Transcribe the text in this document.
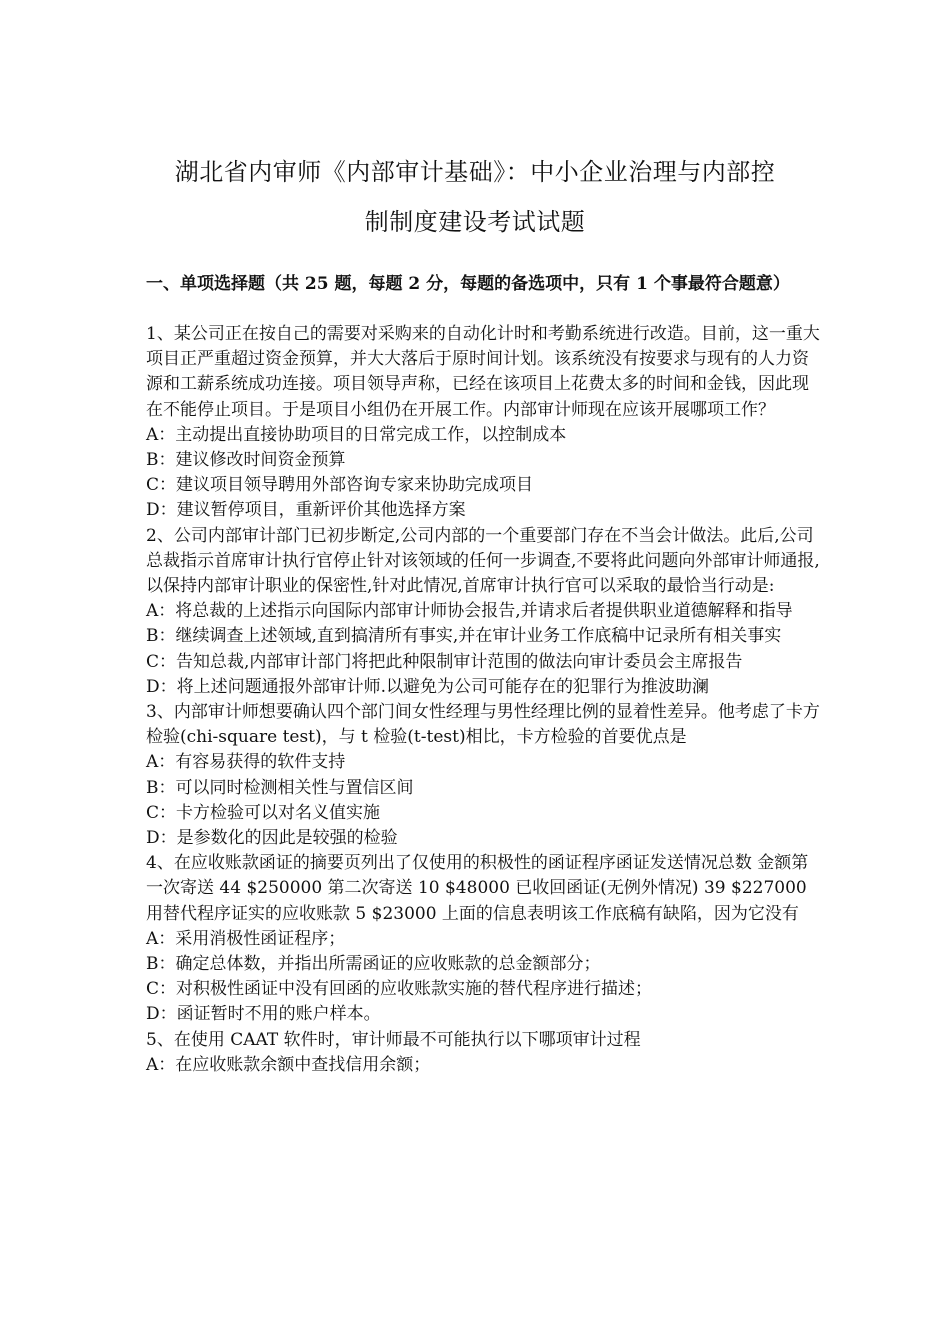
湖北省内审师《内部审计基础》：中小企业治理与内部控
制制度建设考试试题
一、单项选择题（共 25 题，每题 2 分，每题的备选项中，只有 1 个事最符合题意）

1、某公司正在按自己的需要对采购来的自动化计时和考勤系统进行改造。目前，这一重大项目正严重超过资金预算，并大大落后于原时间计划。该系统没有按要求与现有的人力资源和工薪系统成功连接。项目领导声称，已经在该项目上花费太多的时间和金钱，因此现在不能停止项目。于是项目小组仍在开展工作。内部审计师现在应该开展哪项工作？

A：主动提出直接协助项目的日常完成工作，以控制成本

B：建议修改时间资金预算

C：建议项目领导聘用外部咨询专家来协助完成项目

D：建议暂停项目，重新评价其他选择方案

2、公司内部审计部门已初步断定,公司内部的一个重要部门存在不当会计做法。此后,公司总裁指示首席审计执行官停止针对该领域的任何一步调查,不要将此问题向外部审计师通报,以保持内部审计职业的保密性,针对此情况,首席审计执行官可以采取的最恰当行动是:

A：将总裁的上述指示向国际内部审计师协会报告,并请求后者提供职业道德解释和指导

B：继续调查上述领域,直到搞清所有事实,并在审计业务工作底稿中记录所有相关事实

C：告知总裁,内部审计部门将把此种限制审计范围的做法向审计委员会主席报告

D：将上述问题通报外部审计师.以避免为公司可能存在的犯罪行为推波助澜

3、内部审计师想要确认四个部门间女性经理与男性经理比例的显着性差异。他考虑了卡方检验(chi-square test)，与 t 检验(t-test)相比，卡方检验的首要优点是

A：有容易获得的软件支持

B：可以同时检测相关性与置信区间

C：卡方检验可以对名义值实施

D：是参数化的因此是较强的检验

4、在应收账款函证的摘要页列出了仅使用的积极性的函证程序函证发送情况总数 金额第一次寄送 44 $250000 第二次寄送 10 $48000 已收回函证(无例外情况) 39 $227000 用替代程序证实的应收账款 5 $23000 上面的信息表明该工作底稿有缺陷，因为它没有

A：采用消极性函证程序；

B：确定总体数，并指出所需函证的应收账款的总金额部分；

C：对积极性函证中没有回函的应收账款实施的替代程序进行描述；

D：函证暂时不用的账户样本。

5、在使用 CAAT 软件时，审计师最不可能执行以下哪项审计过程

A：在应收账款余额中查找信用余额；
